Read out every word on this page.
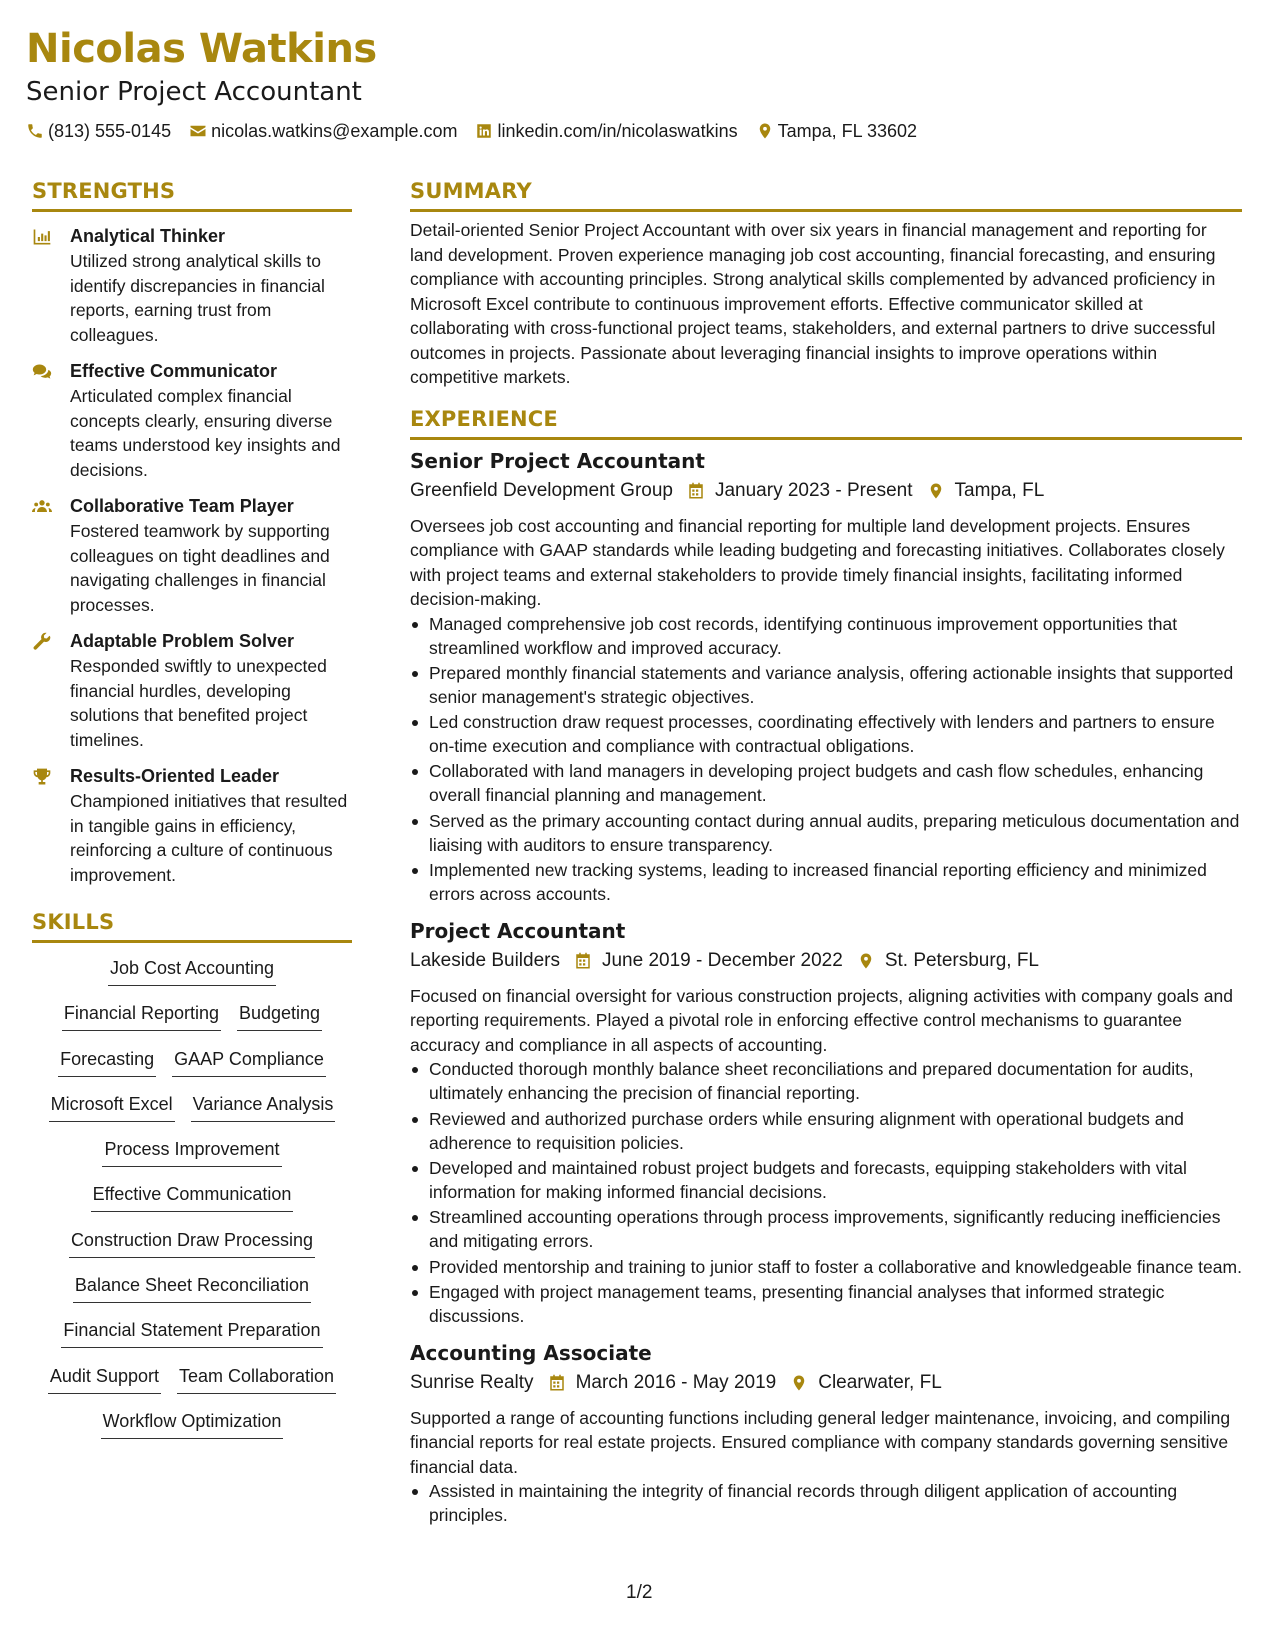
Nicolas Watkins
Senior Project Accountant
(813) 555-0145 nicolas.watkins@example.com linkedin.com/in/nicolaswatkins Tampa, FL 33602
STRENGTHS
Analytical Thinker
Utilized strong analytical skills to identify discrepancies in financial reports, earning trust from colleagues.
Effective Communicator
Articulated complex financial concepts clearly, ensuring diverse teams understood key insights and decisions.
Collaborative Team Player
Fostered teamwork by supporting colleagues on tight deadlines and navigating challenges in financial processes.
Adaptable Problem Solver
Responded swiftly to unexpected financial hurdles, developing solutions that benefited project timelines.
Results-Oriented Leader
Championed initiatives that resulted in tangible gains in efficiency, reinforcing a culture of continuous improvement.
SKILLS
Job Cost Accounting
Financial Reporting Budgeting
Forecasting GAAP Compliance
Microsoft Excel Variance Analysis
Process Improvement
Effective Communication
Construction Draw Processing
Balance Sheet Reconciliation
Financial Statement Preparation
Audit Support Team Collaboration
Workflow Optimization
SUMMARY
Detail-oriented Senior Project Accountant with over six years in financial management and reporting for land development. Proven experience managing job cost accounting, financial forecasting, and ensuring compliance with accounting principles. Strong analytical skills complemented by advanced proficiency in Microsoft Excel contribute to continuous improvement efforts. Effective communicator skilled at collaborating with cross-functional project teams, stakeholders, and external partners to drive successful outcomes in projects. Passionate about leveraging financial insights to improve operations within competitive markets.
EXPERIENCE
Senior Project Accountant
Greenfield Development Group January 2023 - Present Tampa, FL
Oversees job cost accounting and financial reporting for multiple land development projects. Ensures compliance with GAAP standards while leading budgeting and forecasting initiatives. Collaborates closely with project teams and external stakeholders to provide timely financial insights, facilitating informed decision-making.
Managed comprehensive job cost records, identifying continuous improvement opportunities that streamlined workflow and improved accuracy.
Prepared monthly financial statements and variance analysis, offering actionable insights that supported senior management's strategic objectives.
Led construction draw request processes, coordinating effectively with lenders and partners to ensure on-time execution and compliance with contractual obligations.
Collaborated with land managers in developing project budgets and cash flow schedules, enhancing overall financial planning and management.
Served as the primary accounting contact during annual audits, preparing meticulous documentation and liaising with auditors to ensure transparency.
Implemented new tracking systems, leading to increased financial reporting efficiency and minimized errors across accounts.
Project Accountant
Lakeside Builders June 2019 - December 2022 St. Petersburg, FL
Focused on financial oversight for various construction projects, aligning activities with company goals and reporting requirements. Played a pivotal role in enforcing effective control mechanisms to guarantee accuracy and compliance in all aspects of accounting.
Conducted thorough monthly balance sheet reconciliations and prepared documentation for audits, ultimately enhancing the precision of financial reporting.
Reviewed and authorized purchase orders while ensuring alignment with operational budgets and adherence to requisition policies.
Developed and maintained robust project budgets and forecasts, equipping stakeholders with vital information for making informed financial decisions.
Streamlined accounting operations through process improvements, significantly reducing inefficiencies and mitigating errors.
Provided mentorship and training to junior staff to foster a collaborative and knowledgeable finance team.
Engaged with project management teams, presenting financial analyses that informed strategic discussions.
Accounting Associate
Sunrise Realty March 2016 - May 2019 Clearwater, FL
Supported a range of accounting functions including general ledger maintenance, invoicing, and compiling financial reports for real estate projects. Ensured compliance with company standards governing sensitive financial data.
Assisted in maintaining the integrity of financial records through diligent application of accounting principles.
1/2
